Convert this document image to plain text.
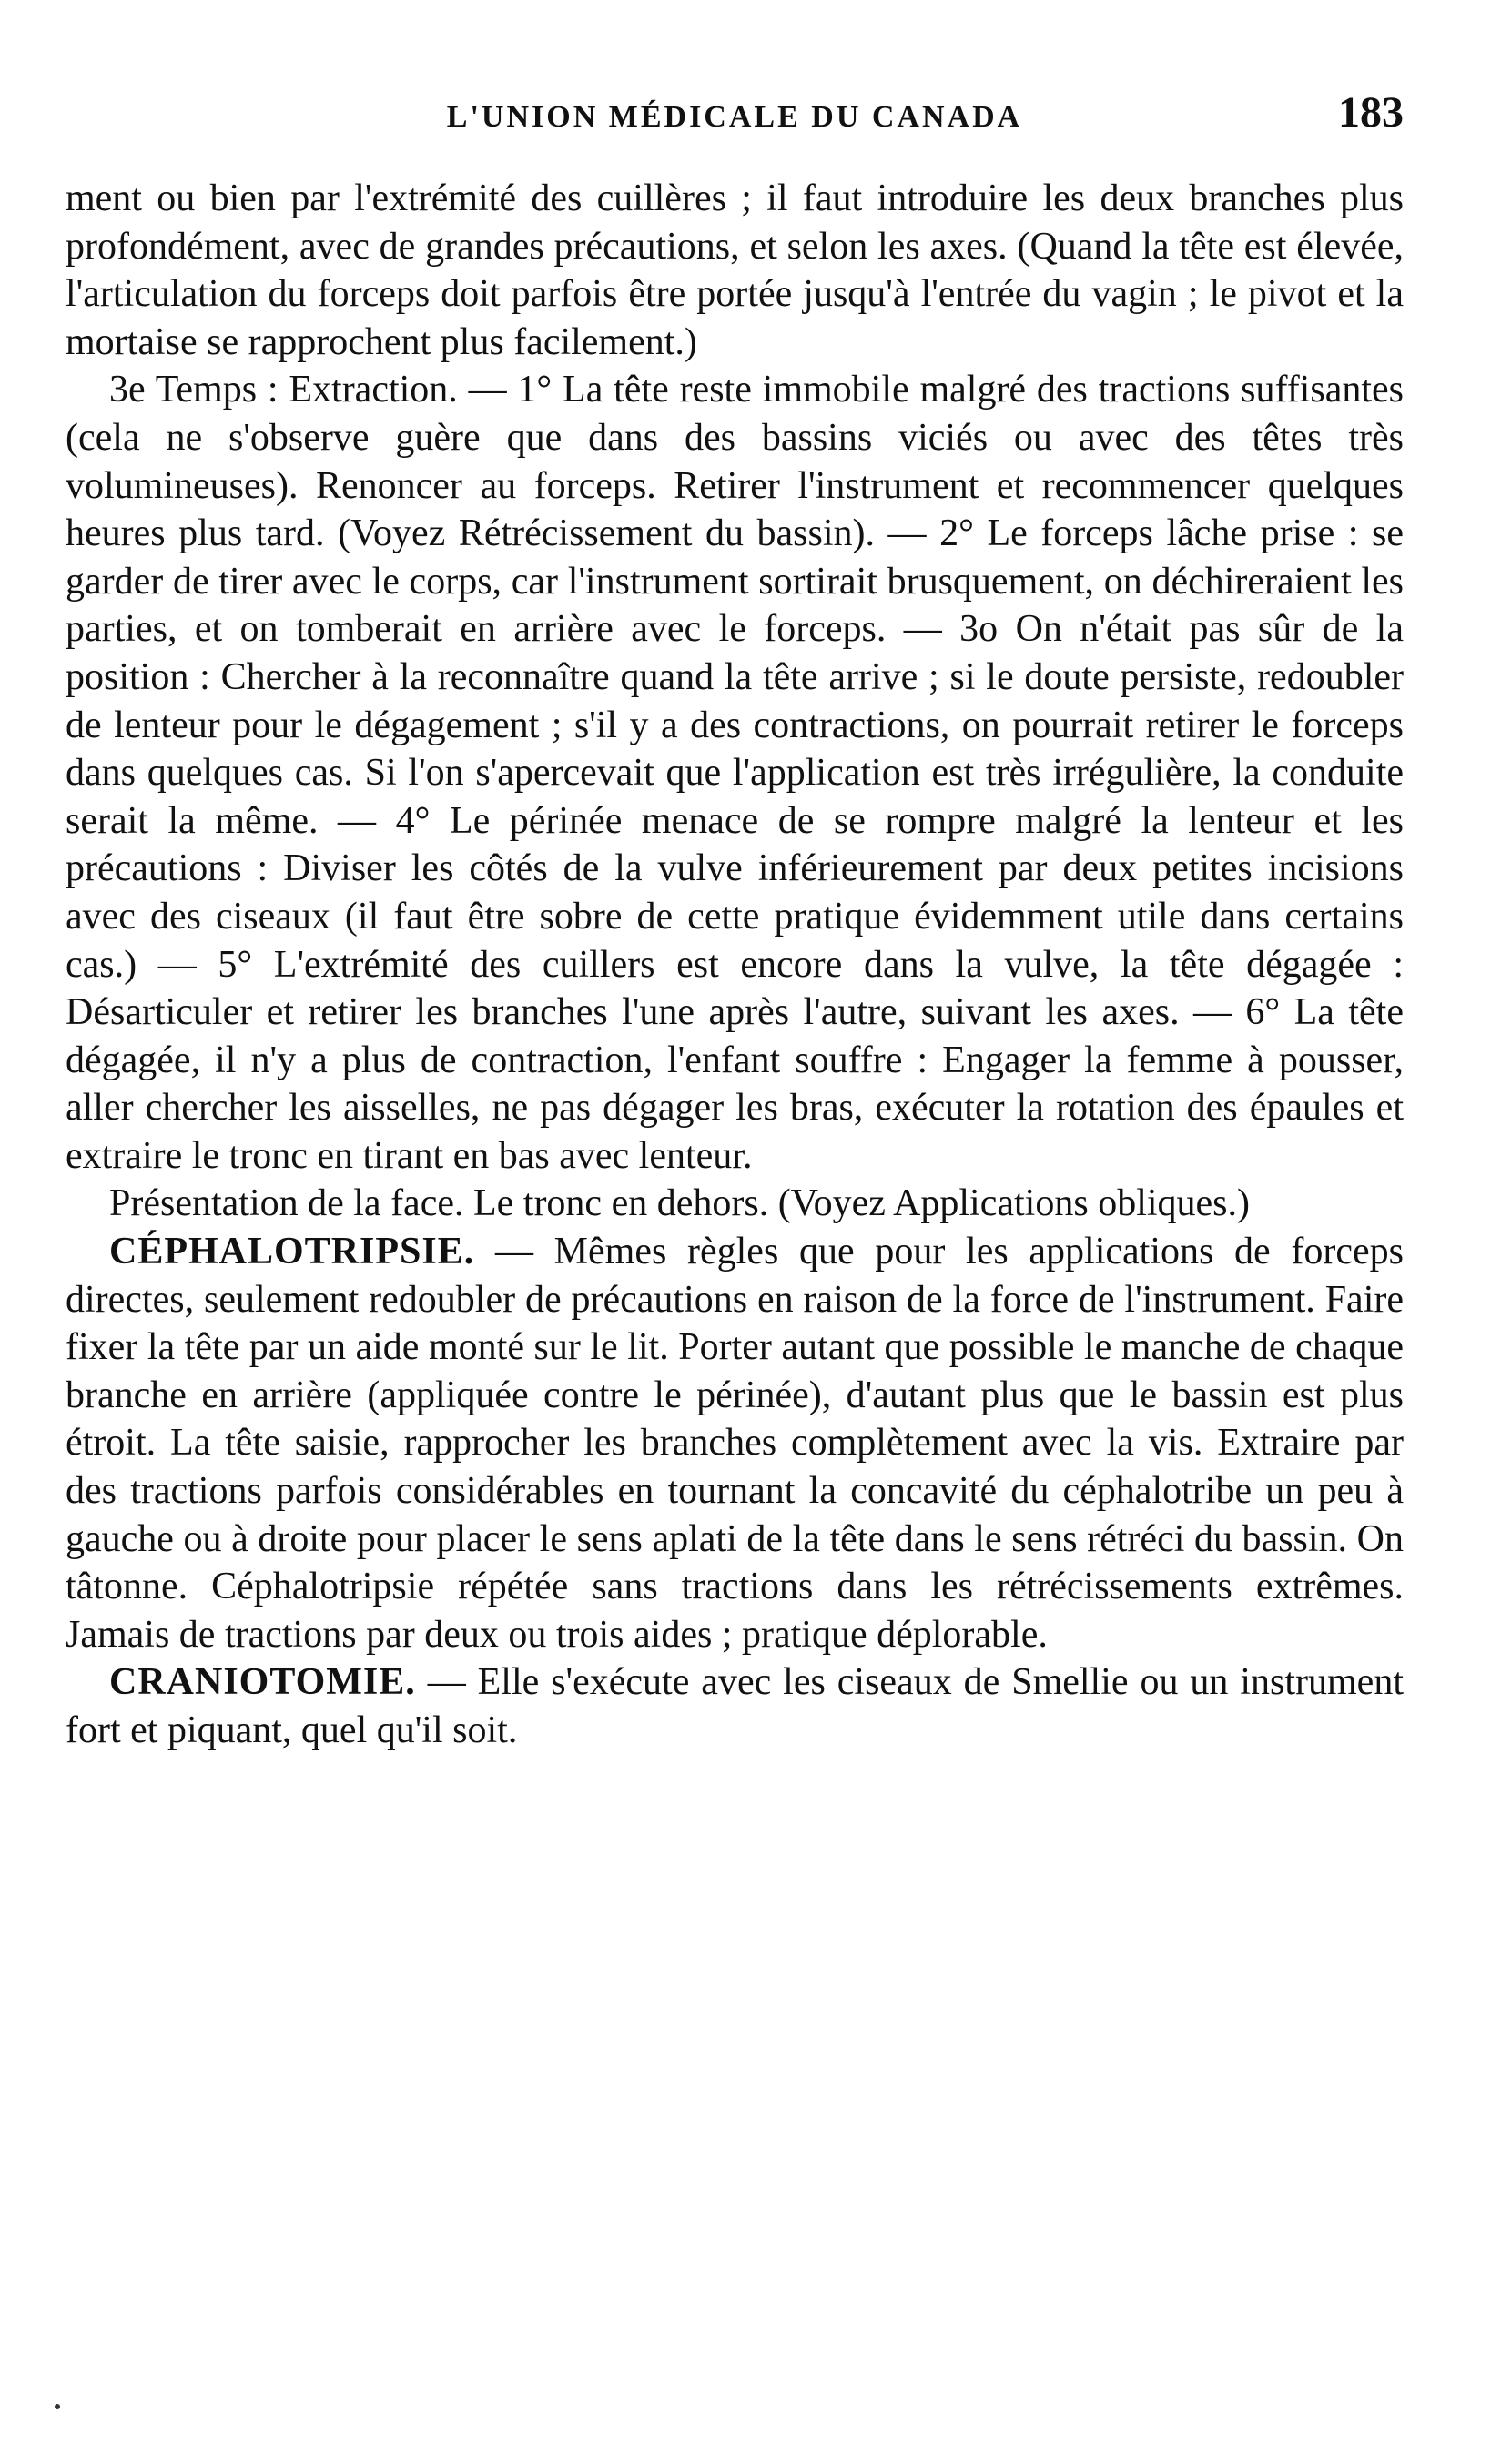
L'UNION MÉDICALE DU CANADA	183

ment ou bien par l'extrémité des cuillères ; il faut introduire les deux branches plus profondément, avec de grandes précautions, et selon les axes. (Quand la tête est élevée, l'articulation du forceps doit parfois être portée jusqu'à l'entrée du vagin ; le pivot et la mortaise se rapprochent plus facilement.)

3e Temps : Extraction. — 1° La tête reste immobile malgré des tractions suffisantes (cela ne s'observe guère que dans des bassins viciés ou avec des têtes très volumineuses). Renoncer au forceps. Retirer l'instrument et recommencer quelques heures plus tard. (Voyez Rétrécissement du bassin). — 2° Le forceps lâche prise : se garder de tirer avec le corps, car l'instrument sortirait brusquement, on déchireraient les parties, et on tomberait en arrière avec le forceps. — 3o On n'était pas sûr de la position : Chercher à la reconnaître quand la tête arrive ; si le doute persiste, redoubler de lenteur pour le dégagement ; s'il y a des contractions, on pourrait retirer le forceps dans quelques cas. Si l'on s'apercevait que l'application est très irrégulière, la conduite serait la même. — 4° Le périnée menace de se rompre malgré la lenteur et les précautions : Diviser les côtés de la vulve inférieurement par deux petites incisions avec des ciseaux (il faut être sobre de cette pratique évidemment utile dans certains cas.) — 5° L'extrémité des cuillers est encore dans la vulve, la tête dégagée : Désarticuler et retirer les branches l'une après l'autre, suivant les axes. — 6° La tête dégagée, il n'y a plus de contraction, l'enfant souffre : Engager la femme à pousser, aller chercher les aisselles, ne pas dégager les bras, exécuter la rotation des épaules et extraire le tronc en tirant en bas avec lenteur.

Présentation de la face. Le tronc en dehors. (Voyez Applications obliques.)

CÉPHALOTRIPSIE. — Mêmes règles que pour les applications de forceps directes, seulement redoubler de précautions en raison de la force de l'instrument. Faire fixer la tête par un aide monté sur le lit. Porter autant que possible le manche de chaque branche en arrière (appliquée contre le périnée), d'autant plus que le bassin est plus étroit. La tête saisie, rapprocher les branches complètement avec la vis. Extraire par des tractions parfois considérables en tournant la concavité du céphalotribe un peu à gauche ou à droite pour placer le sens aplati de la tête dans le sens rétréci du bassin. On tâtonne. Céphalotripsie répétée sans tractions dans les rétrécissements extrêmes. Jamais de tractions par deux ou trois aides ; pratique déplorable.

CRANIOTOMIE. — Elle s'exécute avec les ciseaux de Smellie ou un instrument fort et piquant, quel qu'il soit.
